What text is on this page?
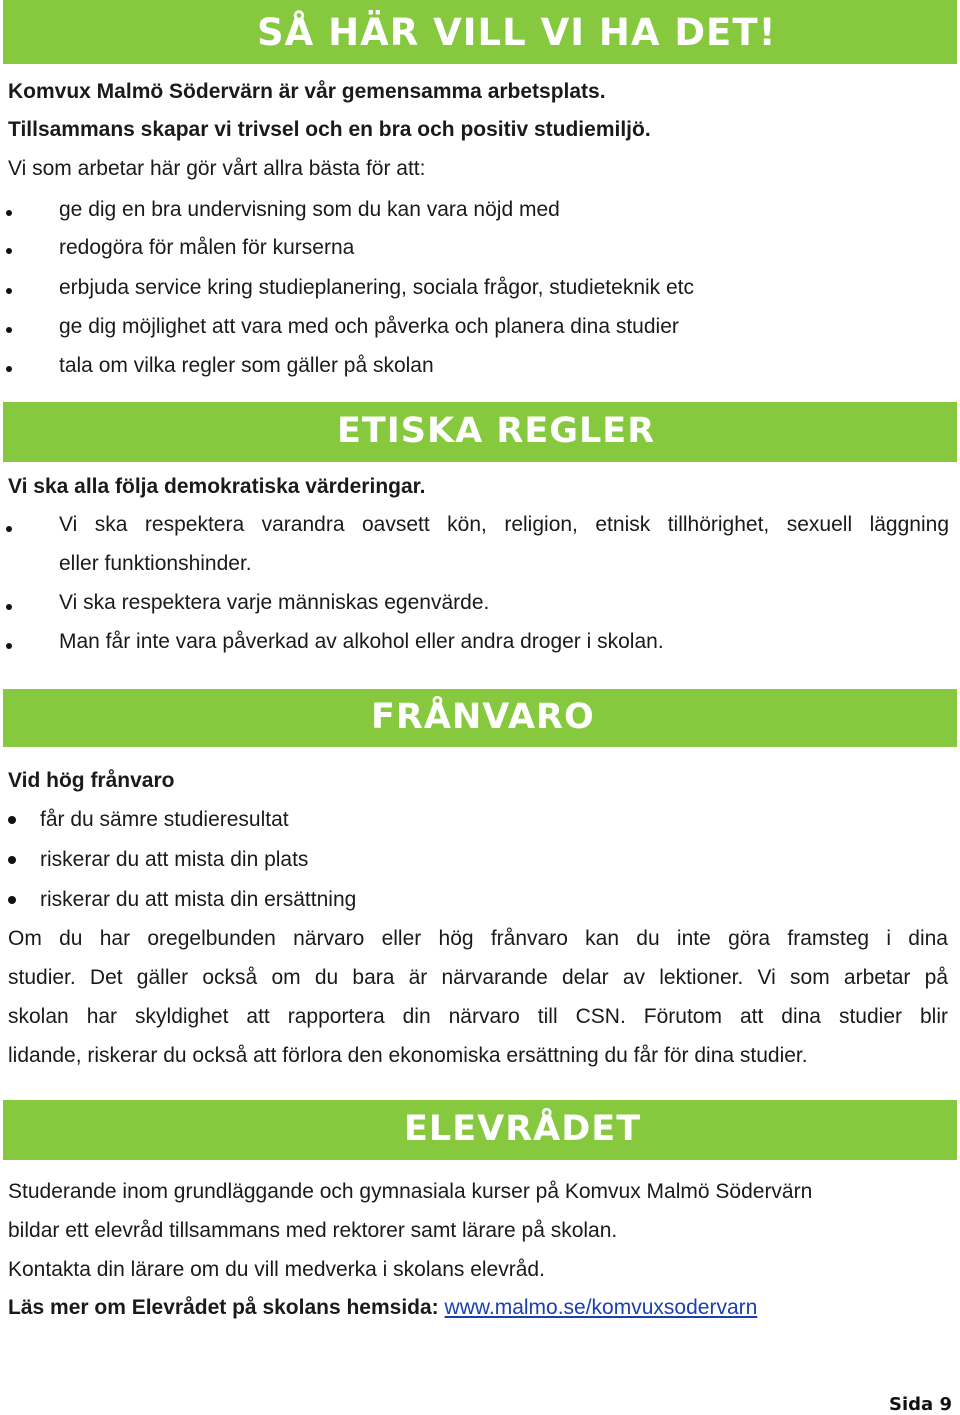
SÅ HÄR VILL VI HA DET!
Komvux Malmö Södervärn är vår gemensamma arbetsplats.
Tillsammans skapar vi trivsel och en bra och positiv studiemiljö.
Vi som arbetar här gör vårt allra bästa för att:
ge dig en bra undervisning som du kan vara nöjd med
redogöra för målen för kurserna
erbjuda service kring studieplanering, sociala frågor, studieteknik etc
ge dig möjlighet att vara med och påverka och planera dina studier
tala om vilka regler som gäller på skolan
ETISKA REGLER
Vi ska alla följa demokratiska värderingar.
Vi ska respektera varandra oavsett kön, religion, etnisk tillhörighet, sexuell läggning
eller funktionshinder.
Vi ska respektera varje människas egenvärde.
Man får inte vara påverkad av alkohol eller andra droger i skolan.
FRÅNVARO
Vid hög frånvaro
får du sämre studieresultat
riskerar du att mista din plats
riskerar du att mista din ersättning
Om du har oregelbunden närvaro eller hög frånvaro kan du inte göra framsteg i dina
studier. Det gäller också om du bara är närvarande delar av lektioner. Vi som arbetar på
skolan har skyldighet att rapportera din närvaro till CSN. Förutom att dina studier blir
lidande, riskerar du också att förlora den ekonomiska ersättning du får för dina studier.
ELEVRÅDET
Studerande inom grundläggande och gymnasiala kurser på Komvux Malmö Södervärn
bildar ett elevråd tillsammans med rektorer samt lärare på skolan.
Kontakta din lärare om du vill medverka i skolans elevråd.
Läs mer om Elevrådet på skolans hemsida: www.malmo.se/komvuxsodervarn
Sida 9
